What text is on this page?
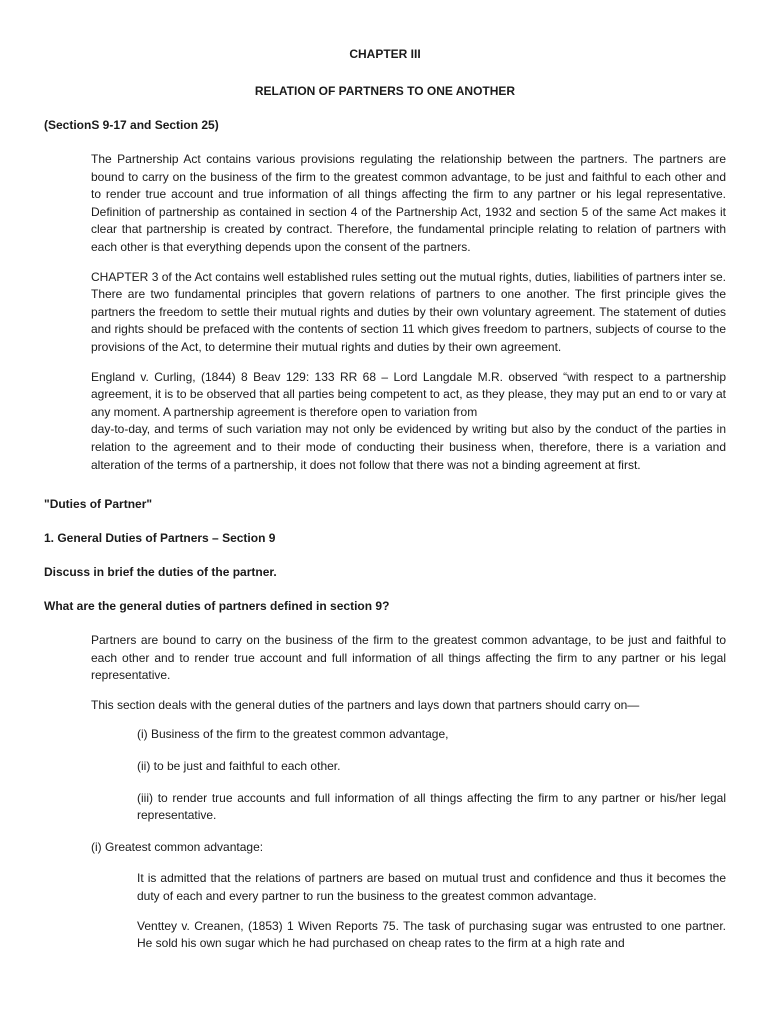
CHAPTER III

RELATION OF PARTNERS TO ONE ANOTHER

(SectionS 9-17 and Section 25)

The Partnership Act contains various provisions regulating the relationship between the partners. The partners are bound to carry on the business of the firm to the greatest common advantage, to be just and faithful to each other and to render true account and true information of all things affecting the firm to any partner or his legal representative. Definition of partnership as contained in section 4 of the Partnership Act, 1932 and section 5 of the same Act makes it clear that partnership is created by contract. Therefore, the fundamental principle relating to relation of partners with each other is that everything depends upon the consent of the partners.

CHAPTER 3 of the Act contains well established rules setting out the mutual rights, duties, liabilities of partners inter se. There are two fundamental principles that govern relations of partners to one another. The first principle gives the partners the freedom to settle their mutual rights and duties by their own voluntary agreement. The statement of duties and rights should be prefaced with the contents of section 11 which gives freedom to partners, subjects of course to the provisions of the Act, to determine their mutual rights and duties by their own agreement.

England v. Curling, (1844) 8 Beav 129: 133 RR 68 – Lord Langdale M.R. observed “with respect to a partnership agreement, it is to be observed that all parties being competent to act, as they please, they may put an end to or vary at any moment. A partnership agreement is therefore open to variation from

day-to-day, and terms of such variation may not only be evidenced by writing but also by the conduct of the parties in relation to the agreement and to their mode of conducting their business when, therefore, there is a variation and alteration of the terms of a partnership, it does not follow that there was not a binding agreement at first.

"Duties of Partner"

1. General Duties of Partners – Section 9

Discuss in brief the duties of the partner.

What are the general duties of partners defined in section 9?

Partners are bound to carry on the business of the firm to the greatest common advantage, to be just and faithful to each other and to render true account and full information of all things affecting the firm to any partner or his legal representative.

This section deals with the general duties of the partners and lays down that partners should carry on—

(i) Business of the firm to the greatest common advantage,

(ii) to be just and faithful to each other.

(iii) to render true accounts and full information of all things affecting the firm to any partner or his/her legal representative.

(i) Greatest common advantage:

It is admitted that the relations of partners are based on mutual trust and confidence and thus it becomes the duty of each and every partner to run the business to the greatest common advantage.

Venttey v. Creanen, (1853) 1 Wiven Reports 75. The task of purchasing sugar was entrusted to one partner. He sold his own sugar which he had purchased on cheap rates to the firm at a high rate and
